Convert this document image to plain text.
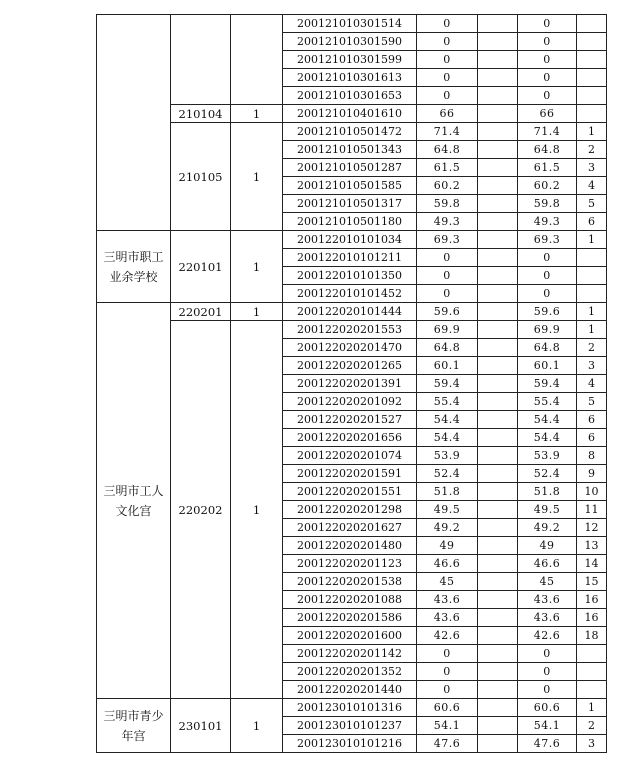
			200121010301514	0		0	
			200121010301590	0		0	
			200121010301599	0		0	
			200121010301613	0		0	
			200121010301653	0		0	
	210104	1	200121010401610	66		66	
	210105	1	200121010501472	71.4		71.4	1
			200121010501343	64.8		64.8	2
			200121010501287	61.5		61.5	3
			200121010501585	60.2		60.2	4
			200121010501317	59.8		59.8	5
			200121010501180	49.3		49.3	6
三明市职工业余学校	220101	1	200122010101034	69.3		69.3	1
			200122010101211	0		0	
			200122010101350	0		0	
			200122010101452	0		0	
三明市工人文化宫	220201	1	200122020101444	59.6		59.6	1
	220202	1	200122020201553	69.9		69.9	1
			200122020201470	64.8		64.8	2
			200122020201265	60.1		60.1	3
			200122020201391	59.4		59.4	4
			200122020201092	55.4		55.4	5
			200122020201527	54.4		54.4	6
			200122020201656	54.4		54.4	6
			200122020201074	53.9		53.9	8
			200122020201591	52.4		52.4	9
			200122020201551	51.8		51.8	10
			200122020201298	49.5		49.5	11
			200122020201627	49.2		49.2	12
			200122020201480	49		49	13
			200122020201123	46.6		46.6	14
			200122020201538	45		45	15
			200122020201088	43.6		43.6	16
			200122020201586	43.6		43.6	16
			200122020201600	42.6		42.6	18
			200122020201142	0		0	
			200122020201352	0		0	
			200122020201440	0		0	
三明市青少年宫	230101	1	200123010101316	60.6		60.6	1
			200123010101237	54.1		54.1	2
			200123010101216	47.6		47.6	3
